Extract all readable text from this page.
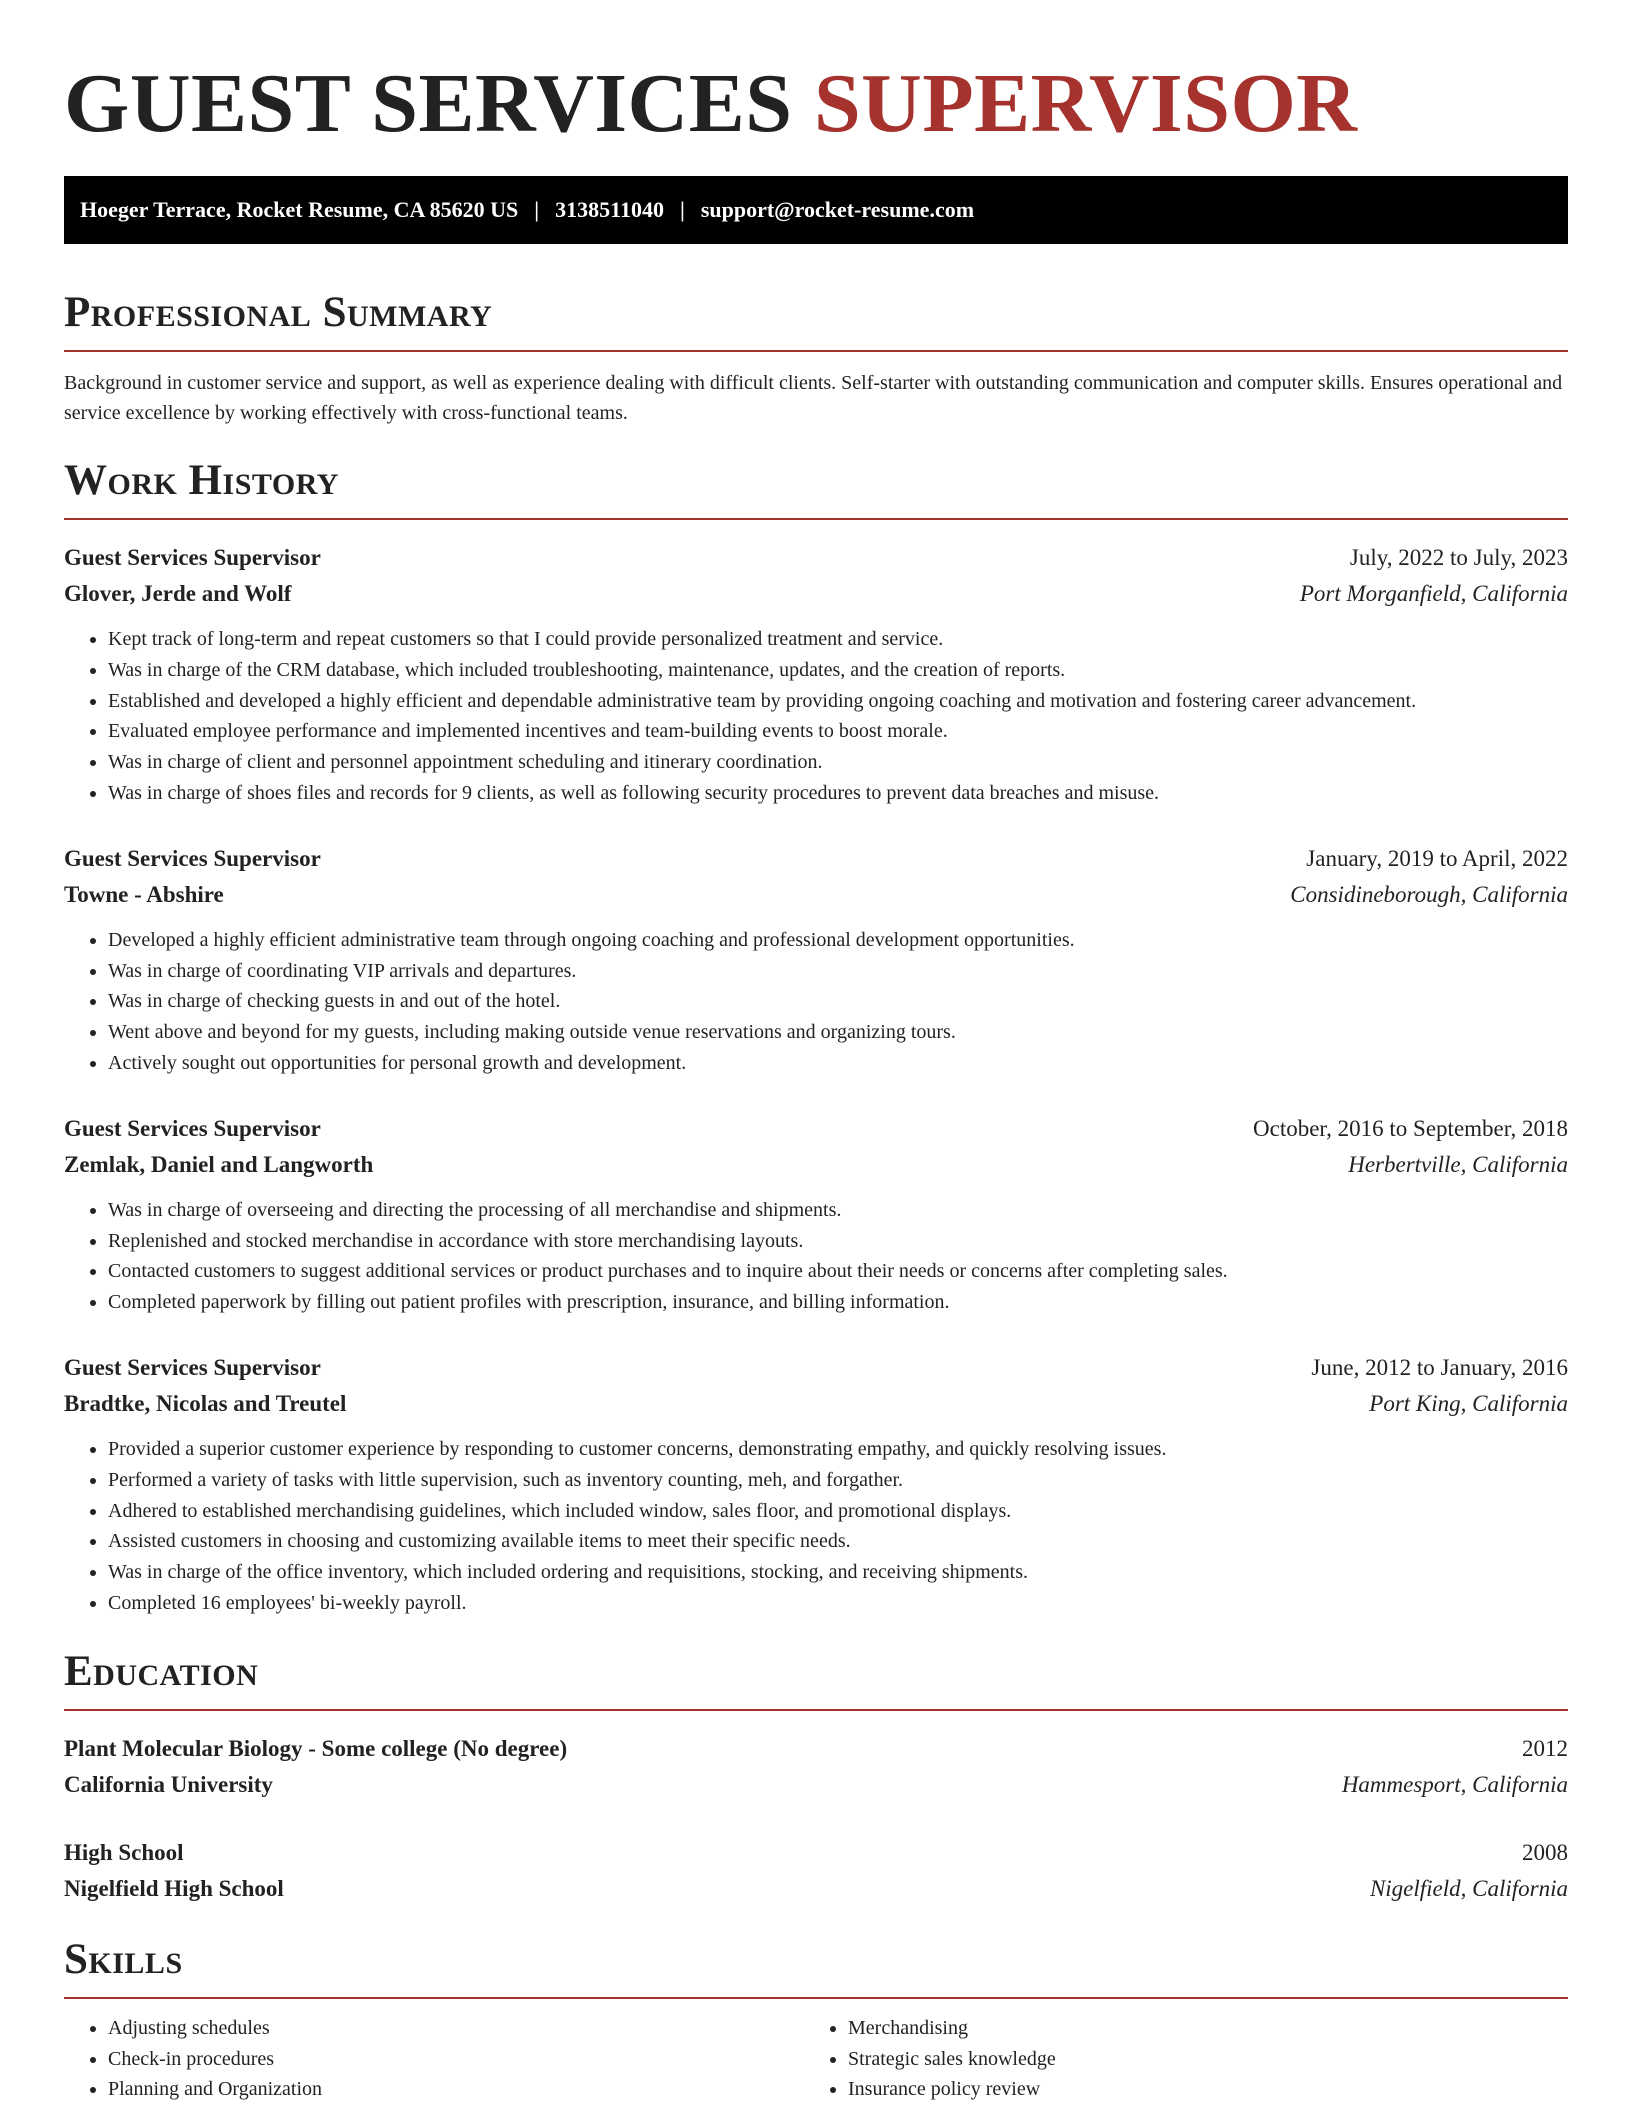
GUEST SERVICES SUPERVISOR
Hoeger Terrace, Rocket Resume, CA 85620 US | 3138511040 | support@rocket-resume.com
Professional Summary

Background in customer service and support, as well as experience dealing with difficult clients. Self-starter with outstanding communication and computer skills. Ensures operational and service excellence by working effectively with cross-functional teams.

Work History
Guest Services Supervisor	July, 2022 to July, 2023
Glover, Jerde and Wolf	Port Morganfield, California
• Kept track of long-term and repeat customers so that I could provide personalized treatment and service.
• Was in charge of the CRM database, which included troubleshooting, maintenance, updates, and the creation of reports.
• Established and developed a highly efficient and dependable administrative team by providing ongoing coaching and motivation and fostering career advancement.
• Evaluated employee performance and implemented incentives and team-building events to boost morale.
• Was in charge of client and personnel appointment scheduling and itinerary coordination.
• Was in charge of shoes files and records for 9 clients, as well as following security procedures to prevent data breaches and misuse.
Guest Services Supervisor	January, 2019 to April, 2022
Towne - Abshire	Considineborough, California
• Developed a highly efficient administrative team through ongoing coaching and professional development opportunities.
• Was in charge of coordinating VIP arrivals and departures.
• Was in charge of checking guests in and out of the hotel.
• Went above and beyond for my guests, including making outside venue reservations and organizing tours.
• Actively sought out opportunities for personal growth and development.
Guest Services Supervisor	October, 2016 to September, 2018
Zemlak, Daniel and Langworth	Herbertville, California
• Was in charge of overseeing and directing the processing of all merchandise and shipments.
• Replenished and stocked merchandise in accordance with store merchandising layouts.
• Contacted customers to suggest additional services or product purchases and to inquire about their needs or concerns after completing sales.
• Completed paperwork by filling out patient profiles with prescription, insurance, and billing information.
Guest Services Supervisor	June, 2012 to January, 2016
Bradtke, Nicolas and Treutel	Port King, California
• Provided a superior customer experience by responding to customer concerns, demonstrating empathy, and quickly resolving issues.
• Performed a variety of tasks with little supervision, such as inventory counting, meh, and forgather.
• Adhered to established merchandising guidelines, which included window, sales floor, and promotional displays.
• Assisted customers in choosing and customizing available items to meet their specific needs.
• Was in charge of the office inventory, which included ordering and requisitions, stocking, and receiving shipments.
• Completed 16 employees' bi-weekly payroll.
Education
Plant Molecular Biology - Some college (No degree)	2012
California University	Hammesport, California
High School	2008
Nigelfield High School	Nigelfield, California
Skills
• Adjusting schedules
• Check-in procedures
• Planning and Organization
• Merchandising
• Strategic sales knowledge
• Insurance policy review
